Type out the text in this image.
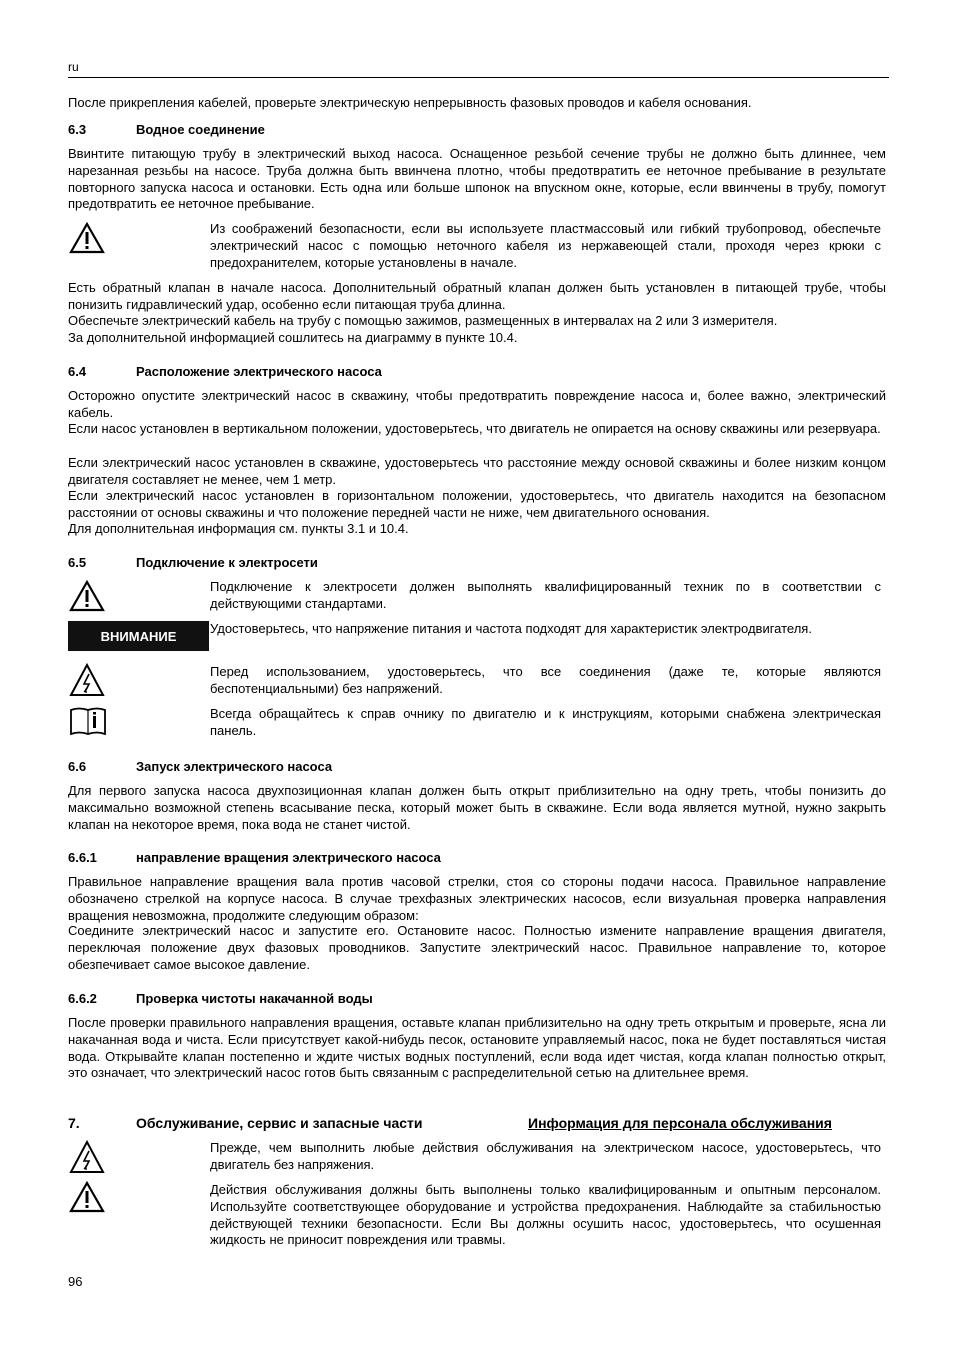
ru

После прикрепления кабелей, проверьте электрическую непрерывность фазовых проводов и кабеля основания.

6.3	Водное соединение

Ввинтите питающую трубу в электрический выход насоса. Оснащенное резьбой сечение трубы не должно быть длиннее, чем нарезанная резьбы на насосе. Труба должна быть ввинчена плотно, чтобы предотвратить ее неточное пребывание в результате повторного запуска насоса и остановки. Есть одна или больше шпонок на впускном окне, которые, если ввинчены в трубу, помогут предотвратить ее неточное пребывание.

Из соображений безопасности, если вы используете пластмассовый или гибкий трубопровод, обеспечьте электрический насос с помощью неточного кабеля из нержавеющей стали, проходя через крюки с предохранителем, которые установлены в начале.

Есть обратный клапан в начале насоса. Дополнительный обратный клапан должен быть установлен в питающей трубе, чтобы понизить гидравлический удар, особенно если питающая труба длинна.

Обеспечьте электрический кабель на трубу с помощью зажимов, размещенных в интервалах на 2 или 3 измерителя.

За дополнительной информацией сошлитесь на диаграмму в пункте 10.4.

6.4	Расположение электрического насоса

Осторожно опустите электрический насос в скважину, чтобы предотвратить повреждение насоса и, более важно, электрический кабель.

Если насос установлен в вертикальном положении, удостоверьтесь, что двигатель не опирается на основу скважины или резервуара.

Если электрический насос установлен в скважине, удостоверьтесь что расстояние между основой скважины и более низким концом двигателя составляет не менее, чем 1 метр.

Если электрический насос установлен в горизонтальном положении, удостоверьтесь, что двигатель находится на безопасном расстоянии от основы скважины и что положение передней части не ниже, чем двигательного основания.

Для дополнительная информация см. пункты 3.1 и 10.4.

6.5	Подключение к электросети
Подключение к электросети должен выполнять квалифицированный техник по в соответствии с действующими стандартами.
ВНИМАНИЕ	Удостоверьтесь, что напряжение питания и частота подходят для характеристик электродвигателя.
Перед использованием, удостоверьтесь, что все соединения (даже те, которые являются беспотенциальными) без напряжений.
Всегда обращайтесь к справ очнику по двигателю и к инструкциям, которыми снабжена электрическая панель.
6.6	Запуск электрического насоса

Для первого запуска насоса двухпозиционная клапан должен быть открыт приблизительно на одну треть, чтобы понизить до максимально возможной степень всасывание песка, который может быть в скважине. Если вода является мутной, нужно закрыть клапан на некоторое время, пока вода не станет чистой.

6.6.1	направление вращения электрического насоса

Правильное направление вращения вала против часовой стрелки, стоя со стороны подачи насоса. Правильное направление обозначено стрелкой на корпусе насоса. В случае трехфазных электрических насосов, если визуальная проверка направления вращения невозможна, продолжите следующим образом:

Соедините электрический насос и запустите его. Остановите насос. Полностью измените направление вращения двигателя, переключая положение двух фазовых проводников. Запустите электрический насос. Правильное направление то, которое обезпечивает самое высокое давление.

6.6.2	Проверка чистоты накачанной воды

После проверки правильного направления вращения, оставьте клапан приблизительно на одну треть открытым и проверьте, ясна ли накачанная вода и чиста. Если присутствует какой-нибудь песок, остановите управляемый насос, пока не будет поставляться чистая вода. Открывайте клапан постепенно и ждите чистых водных поступлений, если вода идет чистая, когда клапан полностью открыт, это означает, что электрический насос готов быть связанным с распределительной сетью на длительнее время.

7.	Обслуживание, сервис и запасные части	Информация для персонала обслуживания
Прежде, чем выполнить любые действия обслуживания на электрическом насосе, удостоверьтесь, что двигатель без напряжения.
Действия обслуживания должны быть выполнены только квалифицированным и опытным персоналом. Используйте соответствующее оборудование и устройства предохранения. Наблюдайте за стабильностью действующей техники безопасности. Если Вы должны осушить насос, удостоверьтесь, что осушенная жидкость не приносит повреждения или травмы.
96
